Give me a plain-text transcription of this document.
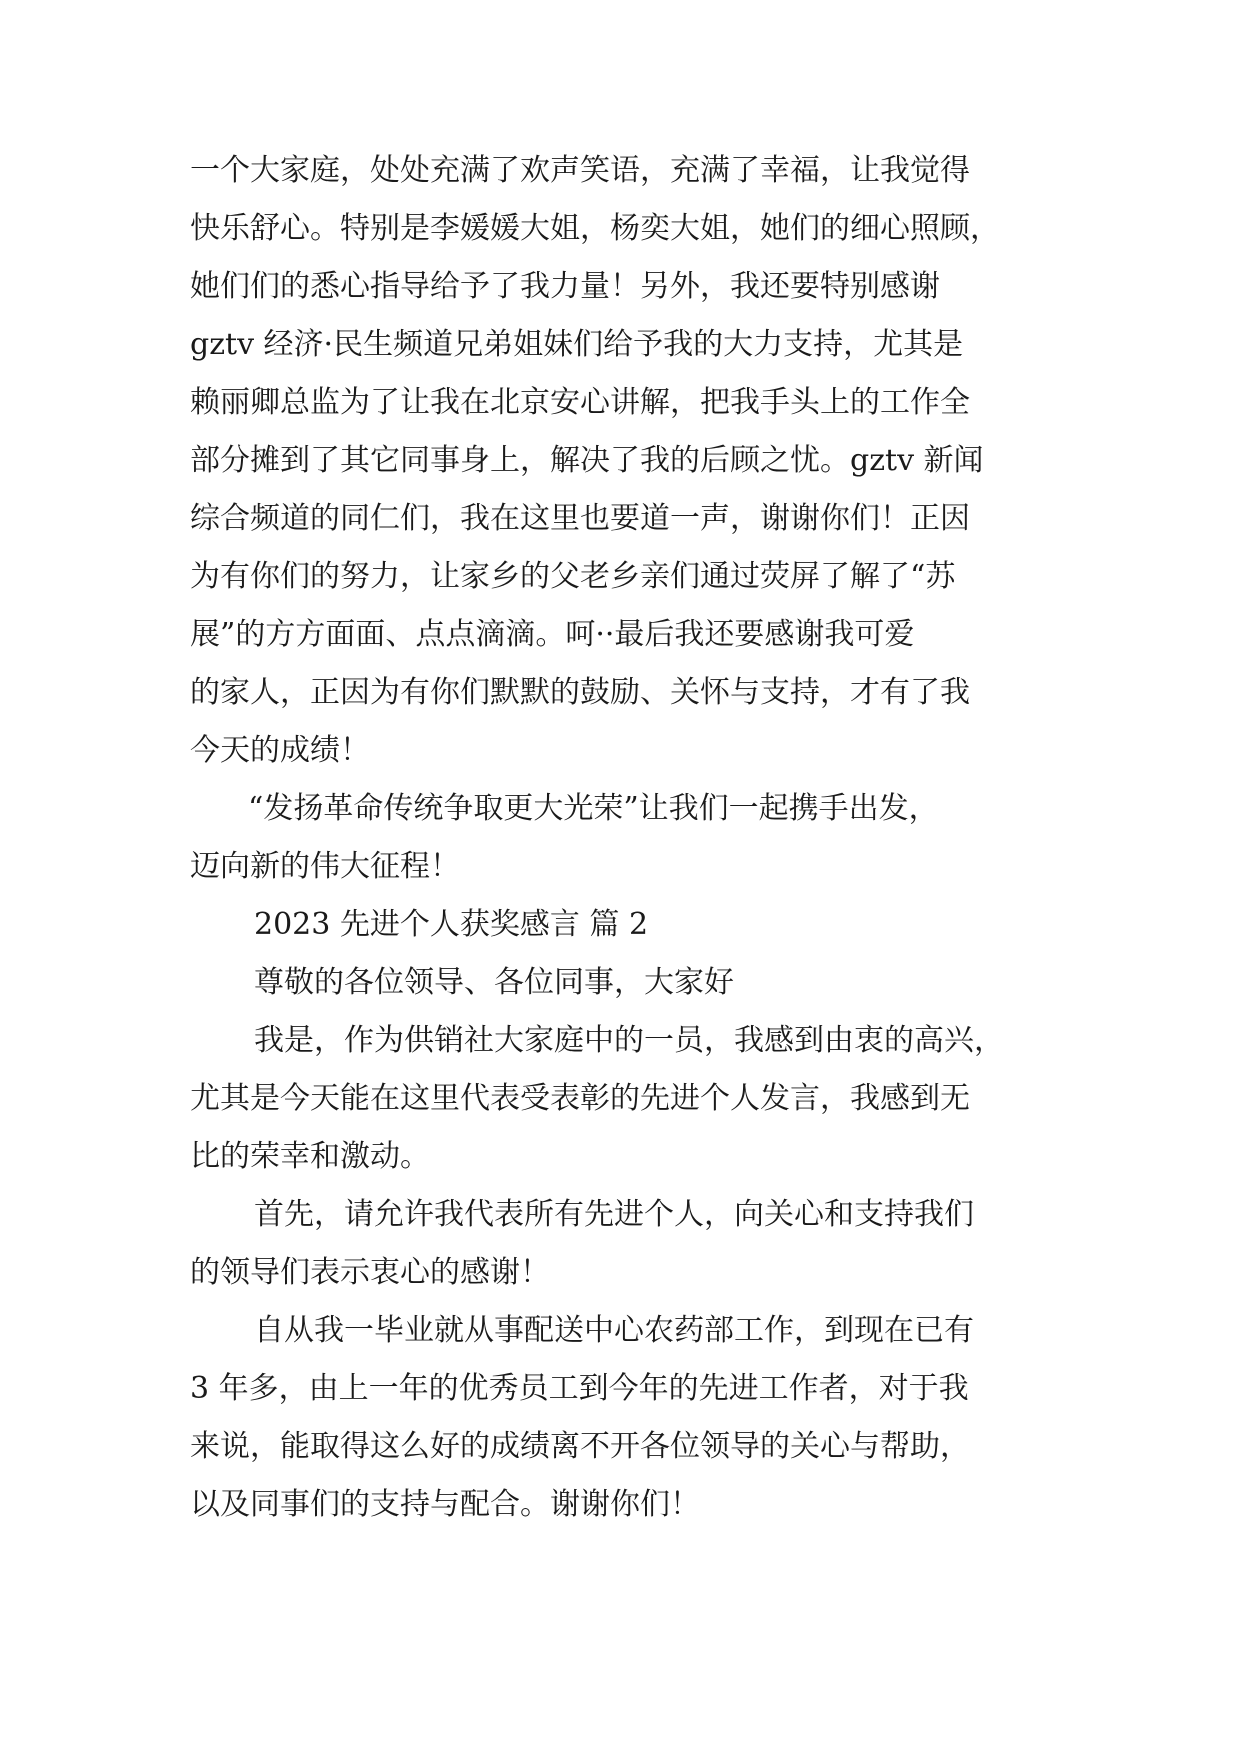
一个大家庭，处处充满了欢声笑语，充满了幸福，让我觉得
快乐舒心。特别是李媛媛大姐，杨奕大姐，她们的细心照顾，
她们们的悉心指导给予了我力量！另外，我还要特别感谢
gztv 经济·民生频道兄弟姐妹们给予我的大力支持，尤其是
赖丽卿总监为了让我在北京安心讲解，把我手头上的工作全
部分摊到了其它同事身上，解决了我的后顾之忧。gztv 新闻
综合频道的同仁们，我在这里也要道一声，谢谢你们！正因
为有你们的努力，让家乡的父老乡亲们通过荧屏了解了“苏
展”的方方面面、点点滴滴。呵··最后我还要感谢我可爱
的家人，正因为有你们默默的鼓励、关怀与支持，才有了我
今天的成绩！
“发扬革命传统争取更大光荣”让我们一起携手出发，
迈向新的伟大征程！
2023 先进个人获奖感言 篇 2
尊敬的各位领导、各位同事，大家好
我是，作为供销社大家庭中的一员，我感到由衷的高兴，
尤其是今天能在这里代表受表彰的先进个人发言，我感到无
比的荣幸和激动。
首先，请允许我代表所有先进个人，向关心和支持我们
的领导们表示衷心的感谢！
自从我一毕业就从事配送中心农药部工作，到现在已有
3 年多，由上一年的优秀员工到今年的先进工作者，对于我
来说，能取得这么好的成绩离不开各位领导的关心与帮助，
以及同事们的支持与配合。谢谢你们！
